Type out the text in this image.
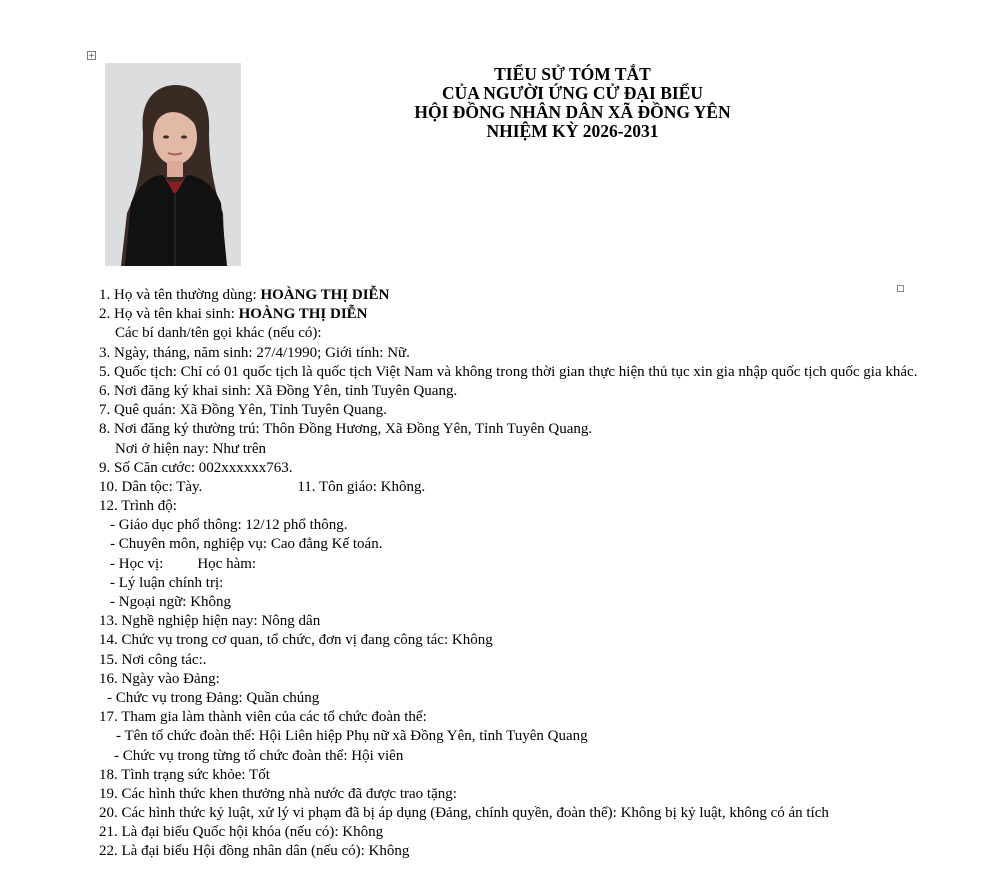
+
TIỂU SỬ TÓM TẮT
CỦA NGƯỜI ỨNG CỬ ĐẠI BIỂU
HỘI ĐỒNG NHÂN DÂN XÃ ĐỒNG YÊN
NHIỆM KỲ 2026-2031
1. Họ và tên thường dùng: HOÀNG THỊ DIỄN
2. Họ và tên khai sinh: HOÀNG THỊ DIỄN
Các bí danh/tên gọi khác (nếu có):
3. Ngày, tháng, năm sinh: 27/4/1990; Giới tính: Nữ.
5. Quốc tịch: Chỉ có 01 quốc tịch là quốc tịch Việt Nam và không trong thời gian thực hiện thủ tục xin gia nhập quốc tịch quốc gia khác.
6. Nơi đăng ký khai sinh: Xã Đồng Yên, tỉnh Tuyên Quang.
7. Quê quán: Xã Đồng Yên, Tỉnh Tuyên Quang.
8. Nơi đăng ký thường trú: Thôn Đồng Hương, Xã Đồng Yên, Tỉnh Tuyên Quang.
Nơi ở hiện nay: Như trên
9. Số Căn cước: 002xxxxxx763.
10. Dân tộc: Tày.	11. Tôn giáo: Không.
12. Trình độ:
- Giáo dục phổ thông: 12/12 phổ thông.
- Chuyên môn, nghiệp vụ: Cao đẳng Kế toán.
- Học vị: Học hàm:
- Lý luận chính trị:
- Ngoại ngữ: Không
13. Nghề nghiệp hiện nay: Nông dân
14. Chức vụ trong cơ quan, tổ chức, đơn vị đang công tác: Không
15. Nơi công tác:.
16. Ngày vào Đảng:
- Chức vụ trong Đảng: Quần chúng
17. Tham gia làm thành viên của các tổ chức đoàn thể:
- Tên tổ chức đoàn thể: Hội Liên hiệp Phụ nữ xã Đồng Yên, tỉnh Tuyên Quang
- Chức vụ trong từng tổ chức đoàn thể: Hội viên
18. Tình trạng sức khỏe: Tốt
19. Các hình thức khen thưởng nhà nước đã được trao tặng:
20. Các hình thức kỷ luật, xử lý vi phạm đã bị áp dụng (Đảng, chính quyền, đoàn thể): Không bị kỷ luật, không có án tích
21. Là đại biểu Quốc hội khóa (nếu có): Không
22. Là đại biểu Hội đồng nhân dân (nếu có): Không
